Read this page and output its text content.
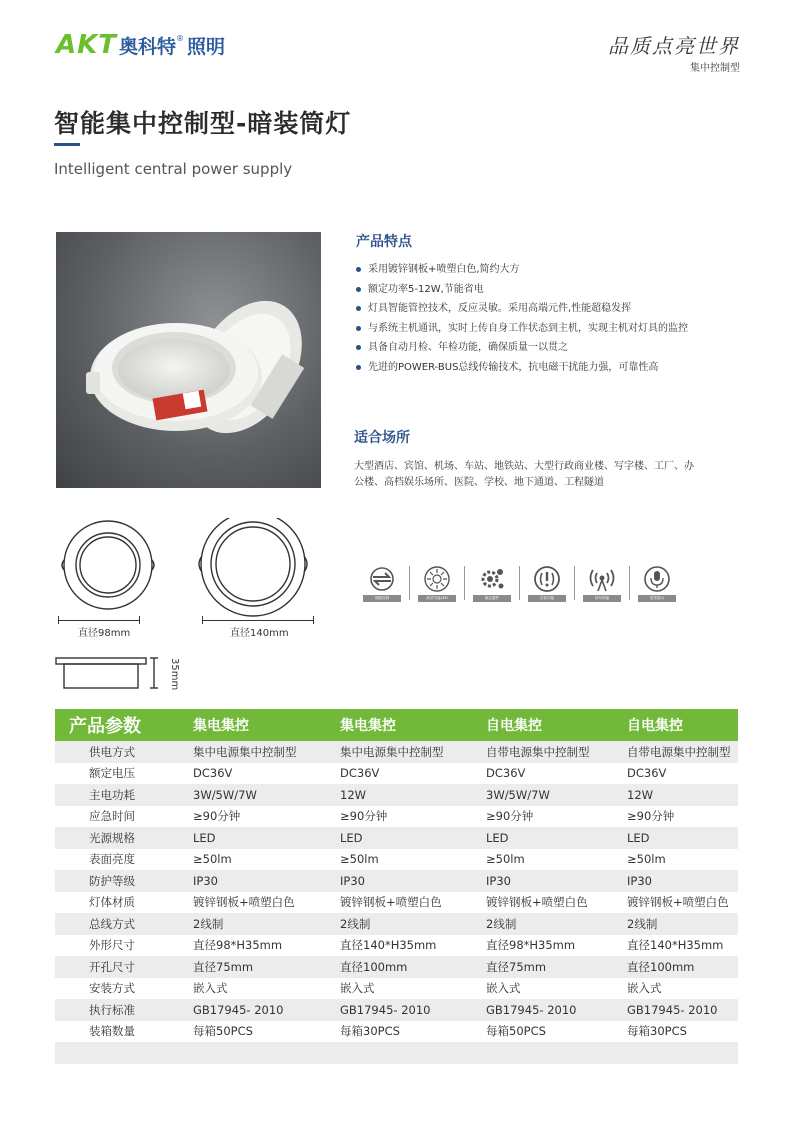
AKT 奥科特 ® 照明	品质点亮世界
集中控制型
智能集中控制型-暗装筒灯
Intelligent central power supply
产品特点
采用镀锌钢板+喷塑白色,简约大方
额定功率5-12W,节能省电
灯具智能管控技术，反应灵敏。采用高端元件,性能超稳发挥
与系统主机通讯，实时上传自身工作状态到主机，实现主机对灯具的监控
具备自动月检、年检功能，确保质量一以贯之
先进的POWER-BUS总线传输技术，抗电磁干扰能力强，可靠性高
适合场所
大型酒店、宾馆、机场、车站、地铁站、大型行政商业楼、写字楼、工厂、办公楼、高档娱乐场所、医院、学校、地下通道、工程隧道
直径98mm	直径140mm
35mm
智能控制	高效节能LED	稳定器件	自检功能	信号传输	语音提示
产品参数	集电集控	集电集控	自电集控	自电集控
供电方式	集中电源集中控制型	集中电源集中控制型	自带电源集中控制型	自带电源集中控制型
额定电压	DC36V	DC36V	DC36V	DC36V
主电功耗	3W/5W/7W	12W	3W/5W/7W	12W
应急时间	≥90分钟	≥90分钟	≥90分钟	≥90分钟
光源规格	LED	LED	LED	LED
表面亮度	≥50lm	≥50lm	≥50lm	≥50lm
防护等级	IP30	IP30	IP30	IP30
灯体材质	镀锌钢板+喷塑白色	镀锌钢板+喷塑白色	镀锌钢板+喷塑白色	镀锌钢板+喷塑白色
总线方式	2线制	2线制	2线制	2线制
外形尺寸	直径98*H35mm	直径140*H35mm	直径98*H35mm	直径140*H35mm
开孔尺寸	直径75mm	直径100mm	直径75mm	直径100mm
安装方式	嵌入式	嵌入式	嵌入式	嵌入式
执行标准	GB17945- 2010	GB17945- 2010	GB17945- 2010	GB17945- 2010
装箱数量	每箱50PCS	每箱30PCS	每箱50PCS	每箱30PCS
